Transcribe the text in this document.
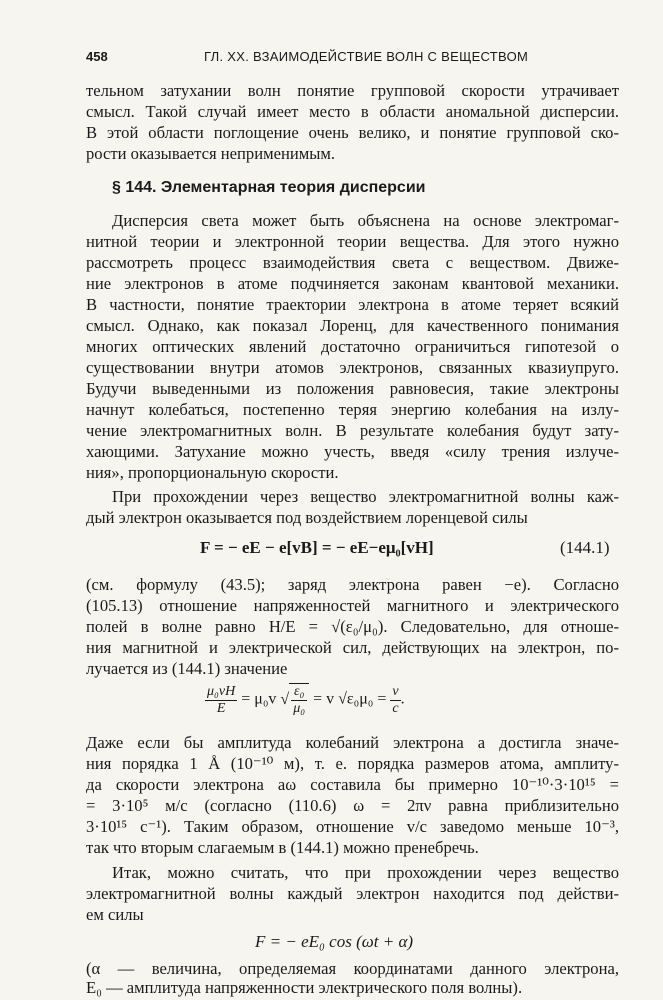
458	ГЛ. XX. ВЗАИМОДЕЙСТВИЕ ВОЛН С ВЕЩЕСТВОМ
тельном затухании волн понятие групповой скорости утрачивает
смысл. Такой случай имеет место в области аномальной дисперсии.
В этой области поглощение очень велико, и понятие групповой ско-
рости оказывается неприменимым.
§ 144. Элементарная теория дисперсии
Дисперсия света может быть объяснена на основе электромаг-
нитной теории и электронной теории вещества. Для этого нужно
рассмотреть процесс взаимодействия света с веществом. Движе-
ние электронов в атоме подчиняется законам квантовой механики.
В частности, понятие траектории электрона в атоме теряет всякий
смысл. Однако, как показал Лоренц, для качественного понимания
многих оптических явлений достаточно ограничиться гипотезой о
существовании внутри атомов электронов, связанных квазиупруго.
Будучи выведенными из положения равновесия, такие электроны
начнут колебаться, постепенно теряя энергию колебания на излу-
чение электромагнитных волн. В результате колебания будут зату-
хающими. Затухание можно учесть, введя «силу трения излуче-
ния», пропорциональную скорости.
При прохождении через вещество электромагнитной волны каж-
дый электрон оказывается под воздействием лоренцевой силы
F = − eE − e[vB] = − eE−eμ₀[vH]	(144.1)
(см. формулу (43.5); заряд электрона равен −e). Согласно
(105.13) отношение напряженностей магнитного и электрического
полей в волне равно H/E = √(ε₀/μ₀). Следовательно, для отноше-
ния магнитной и электрической сил, действующих на электрон, по-
лучается из (144.1) значение
$\frac{\text{μ₀vH}}{E} = \mu_0v$ √ $\frac{\text{ε₀}}{\text{μ₀}} = v$ $√\varepsilon_0\mu_0 = \frac{v}{c}$ .
Даже если бы амплитуда колебаний электрона a достигла значе-
ния порядка 1 Å (10⁻¹⁰ м), т. е. порядка размеров атома, амплиту-
да скорости электрона aω составила бы примерно 10⁻¹⁰·3·10¹⁵ =
= 3·10⁵ м/с (согласно (110.6) ω = 2πν равна приблизительно
3·10¹⁵ с⁻¹). Таким образом, отношение v/c заведомо меньше 10⁻³,
так что вторым слагаемым в (144.1) можно пренебречь.
Итак, можно считать, что при прохождении через вещество
электромагнитной волны каждый электрон находится под действи-
ем силы
F = − eE₀ cos (ωt + α)
(α — величина, определяемая координатами данного электрона,
E₀ — амплитуда напряженности электрического поля волны).
